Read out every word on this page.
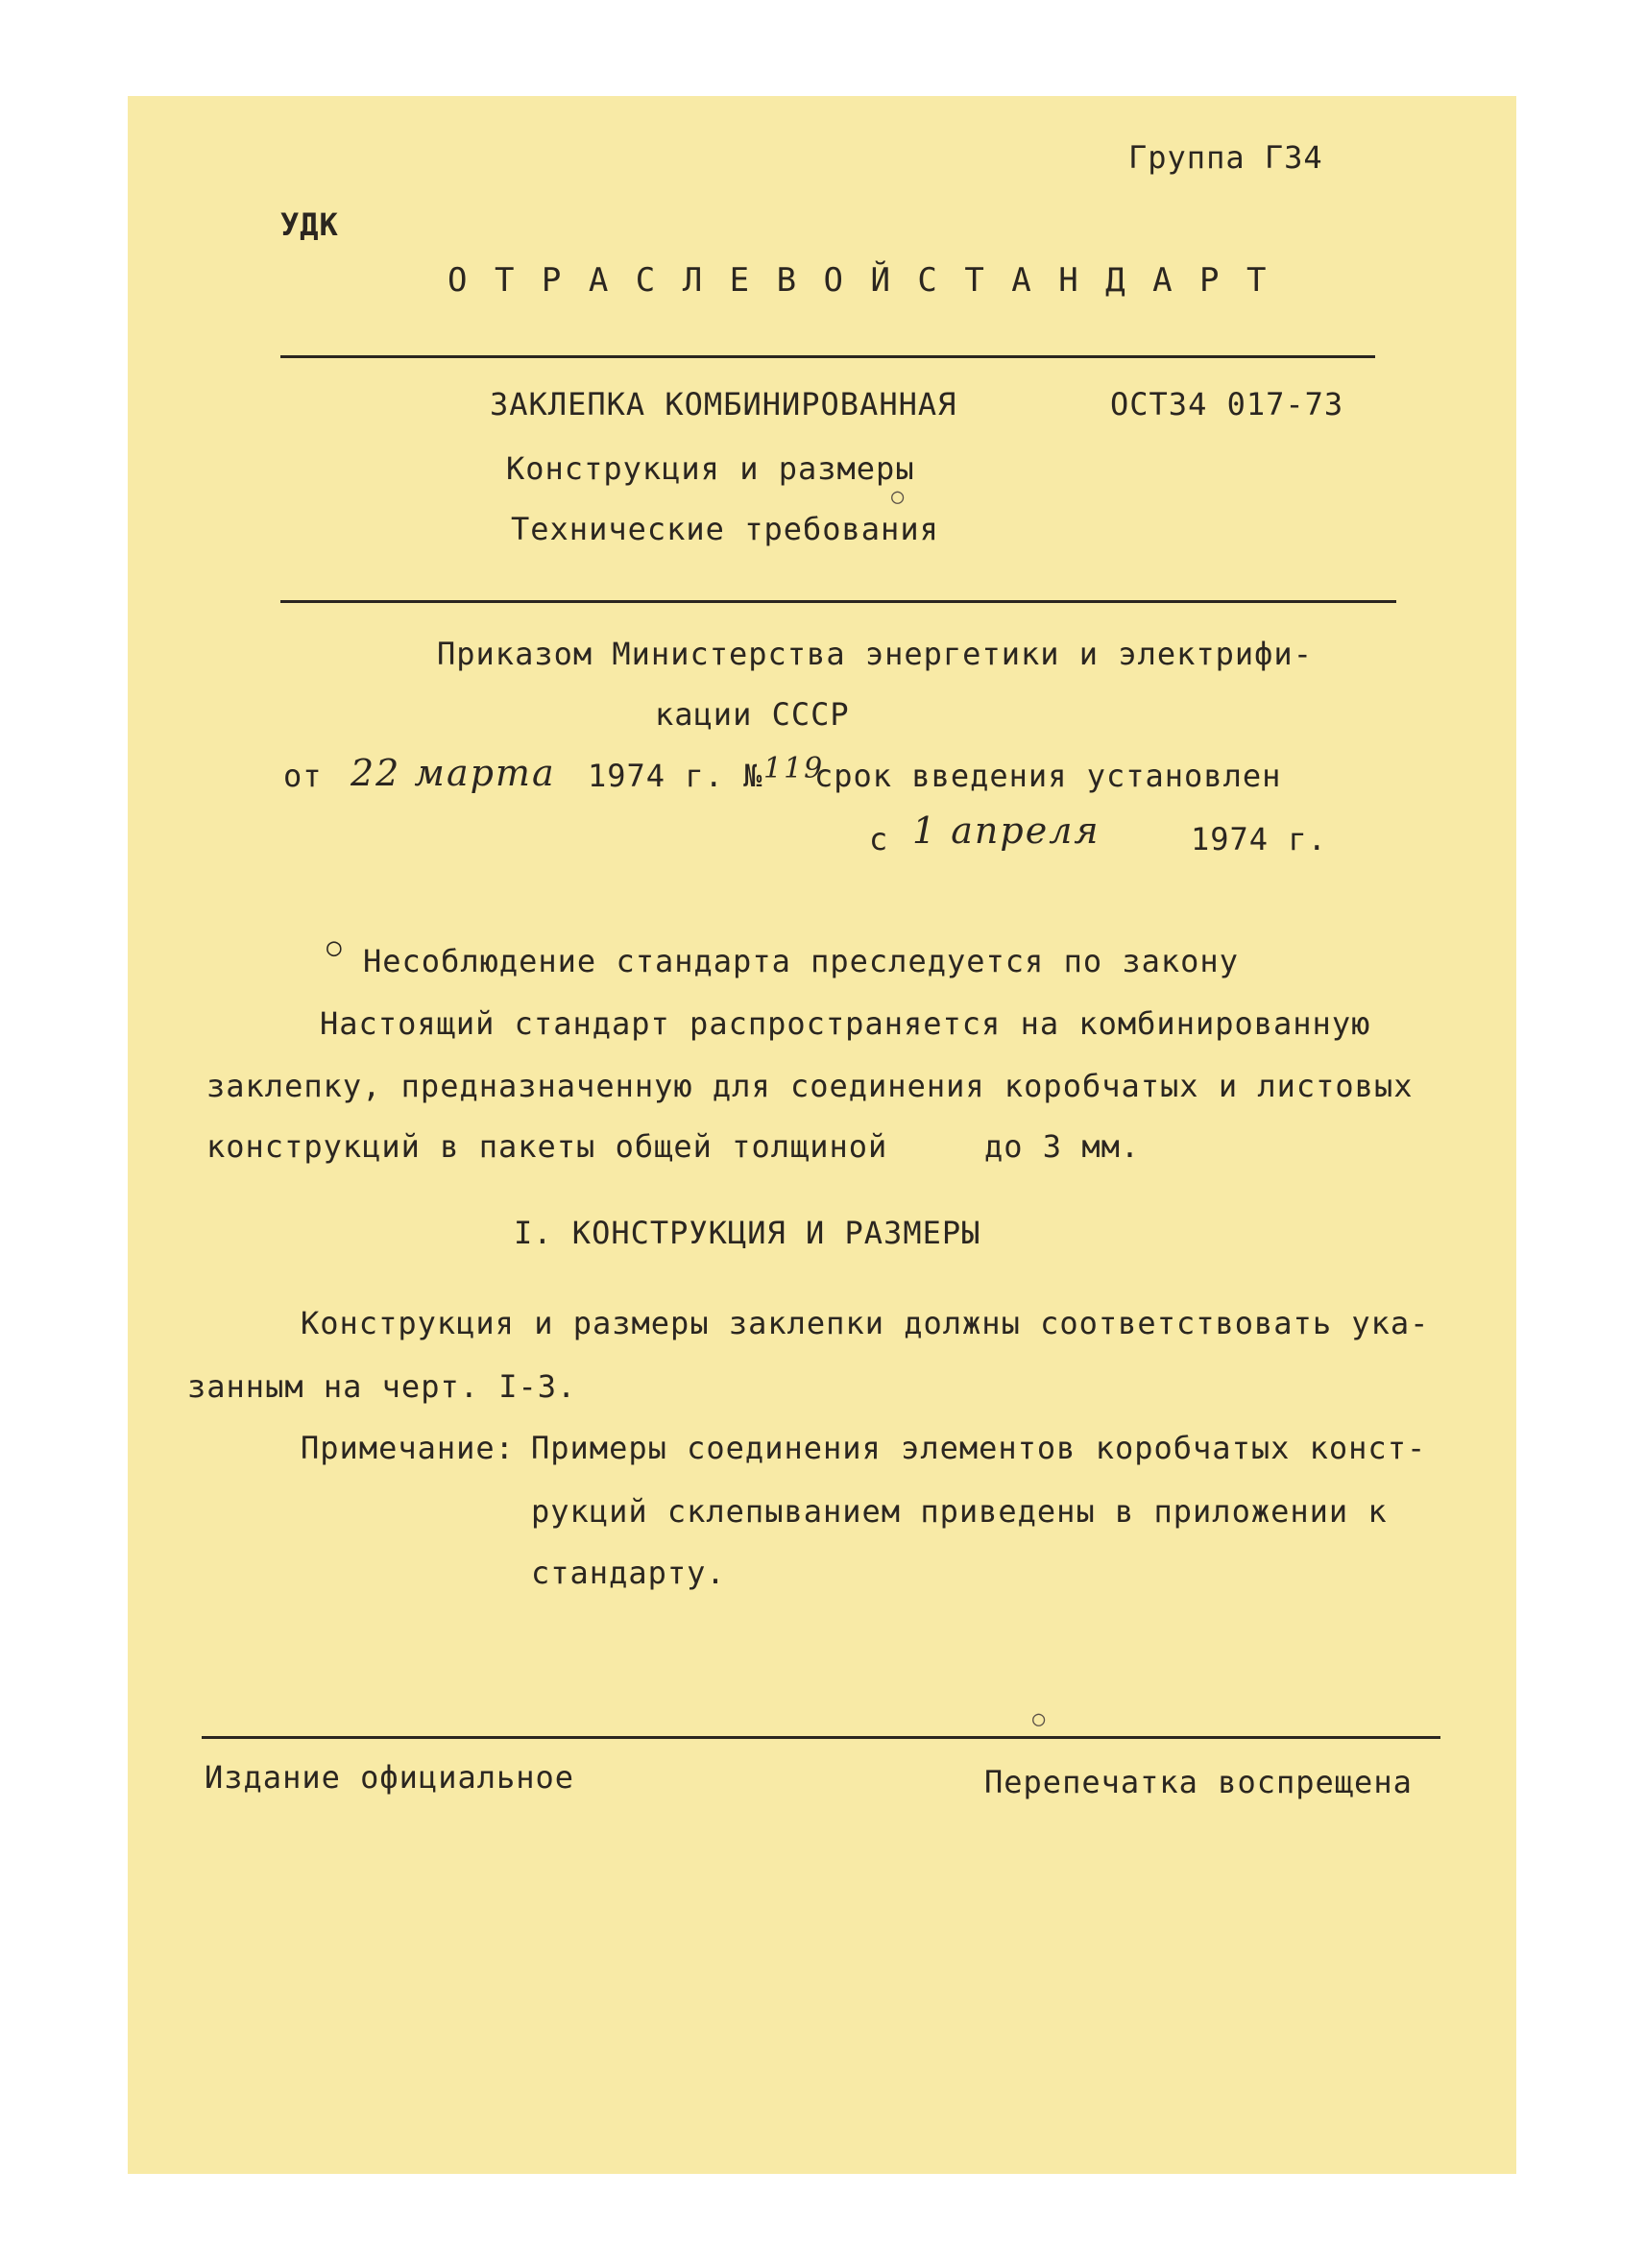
Группа Г34
УДК
О Т Р А С Л Е В О Й С Т А Н Д А Р Т
ЗАКЛЕПКА КОМБИНИРОВАННАЯ	ОСТ34 017-73
Конструкция и размеры
Технические требования
○
Приказом Министерства энергетики и электрифи-
кации СССР
от 22 марта 1974 г. № 119
срок введения установлен
с 1 апреля	1974 г.
○ Несоблюдение стандарта преследуется по закону
Настоящий стандарт распространяется на комбинированную
заклепку, предназначенную для соединения коробчатых и листовых
конструкций в пакеты общей толщиной	до 3 мм.
I. КОНСТРУКЦИЯ И РАЗМЕРЫ
Конструкция и размеры заклепки должны соответствовать ука-
занным на черт. I-3.
Примечание: Примеры соединения элементов коробчатых конст-
рукций склепыванием приведены в приложении к
стандарту.
○
Издание официальное	Перепечатка воспрещена
